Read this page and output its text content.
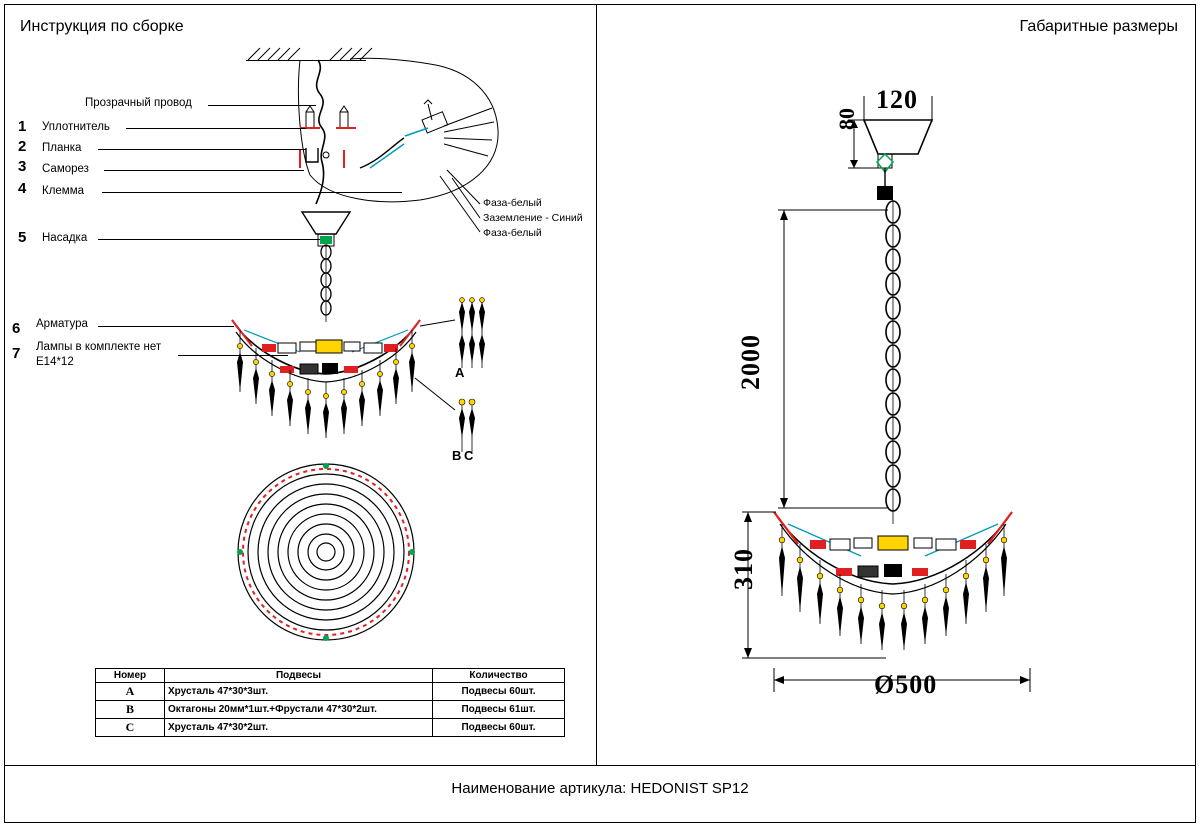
Инструкция по сборке	Габаритные размеры
Наименование артикула: HEDONIST SP12
1 Уплотнитель
2 Планка
3 Саморез
4 Клемма
5 Насадка
6 Арматура
7 Лампы в комплекте нет
E14*12
Прозрачный провод
Фаза-белый
Заземление - Синий
Фаза-белый
A
B C
Номер	Подвесы	Количество
A	Хрусталь 47*30*3шт.	Подвесы 60шт.
B	Октагоны 20мм*1шт.+Фрустали 47*30*2шт.	Подвесы 61шт.
C	Хрусталь 47*30*2шт.	Подвесы 60шт.
120
80
2000
310
Ø500
